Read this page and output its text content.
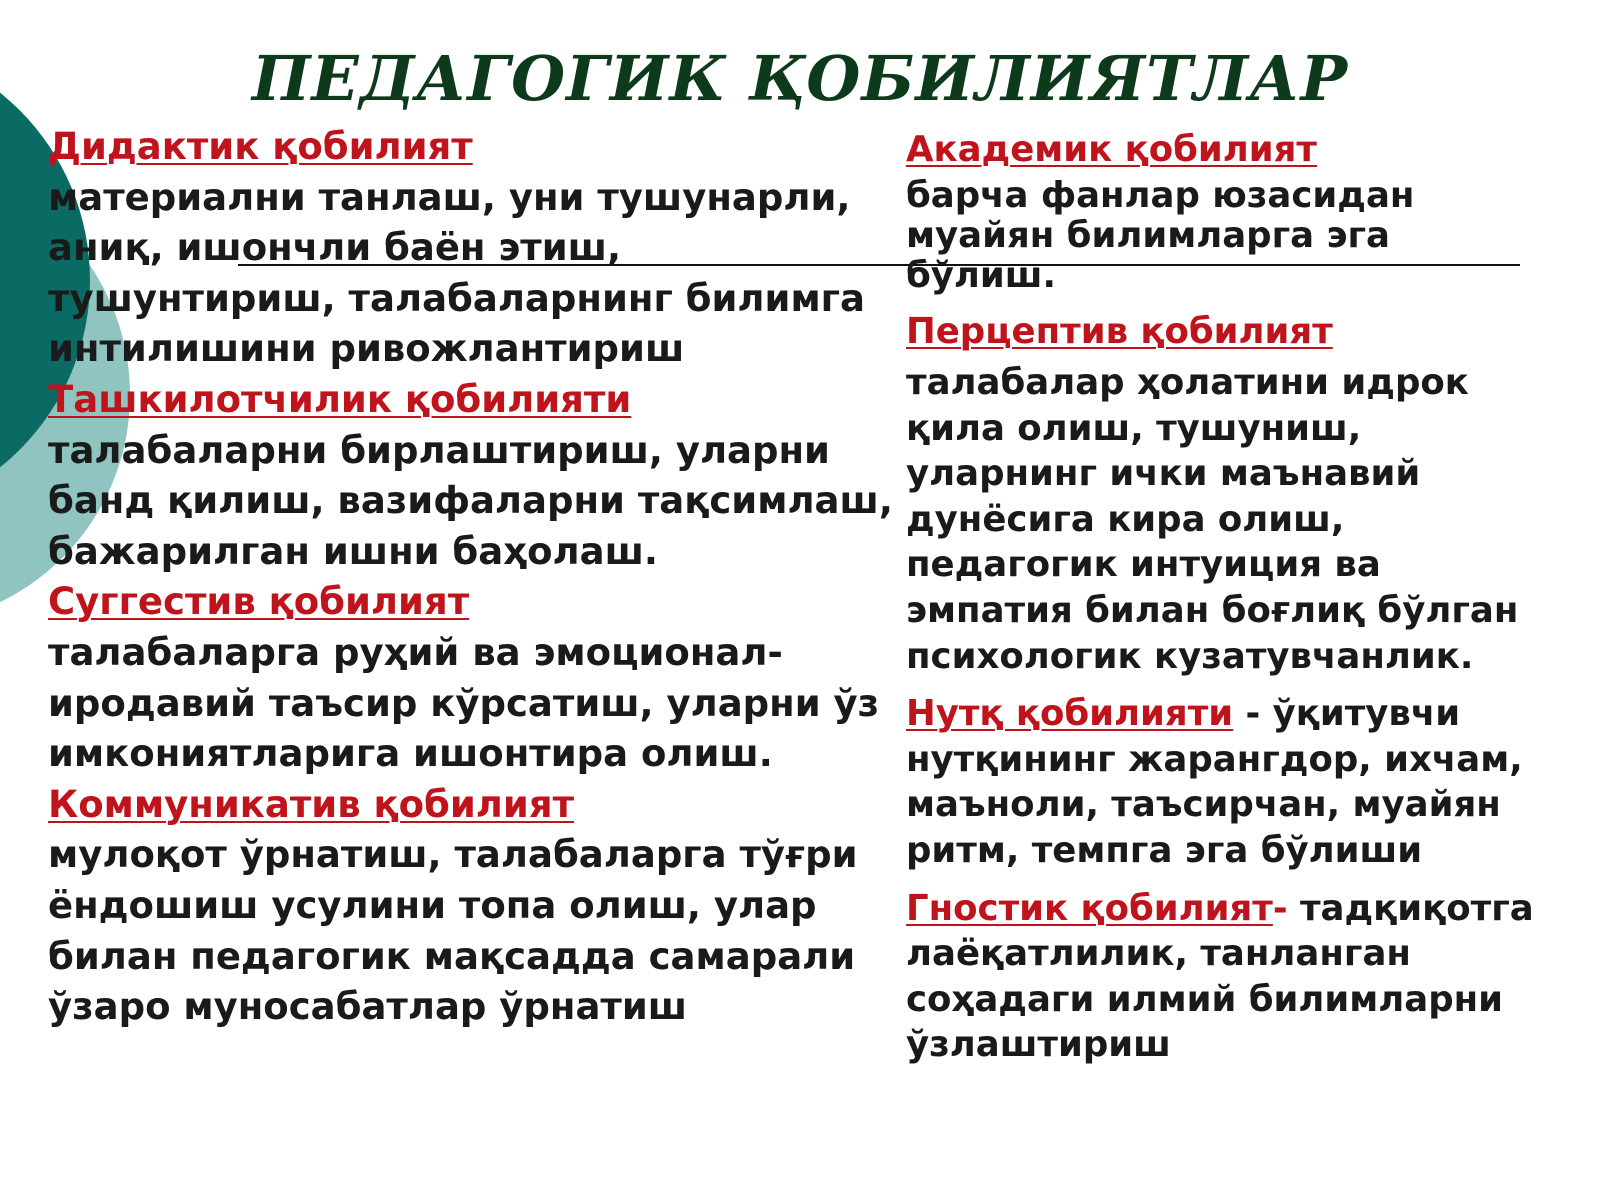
ПЕДАГОГИК ҚОБИЛИЯТЛАР
Дидактик қобилият
материални танлаш, уни тушунарли,
аниқ, ишончли баён этиш,
тушунтириш, талабаларнинг билимга
интилишини ривожлантириш
Ташкилотчилик қобилияти
талабаларни бирлаштириш, уларни
банд қилиш, вазифаларни тақсимлаш,
бажарилган ишни баҳолаш.
Суггестив қобилият
талабаларга руҳий ва эмоционал-
иродавий таъсир кўрсатиш, уларни ўз
имкониятларига ишонтира олиш.
Коммуникатив қобилият
мулоқот ўрнатиш, талабаларга тўғри
ёндошиш усулини топа олиш, улар
билан педагогик мақсадда самарали
ўзаро муносабатлар ўрнатиш
Академик қобилият
барча фанлар юзасидан
муайян билимларга эга
бўлиш.
Перцептив қобилият
талабалар ҳолатини идрок
қила олиш, тушуниш,
уларнинг ички маънавий
дунёсига кира олиш,
педагогик интуиция ва
эмпатия билан боғлиқ бўлган
психологик кузатувчанлик.
Нутқ қобилияти - ўқитувчи
нутқининг жарангдор, ихчам,
маъноли, таъсирчан, муайян
ритм, темпга эга бўлиши
Гностик қобилият- тадқиқотга
лаёқатлилик, танланган
соҳадаги илмий билимларни
ўзлаштириш
